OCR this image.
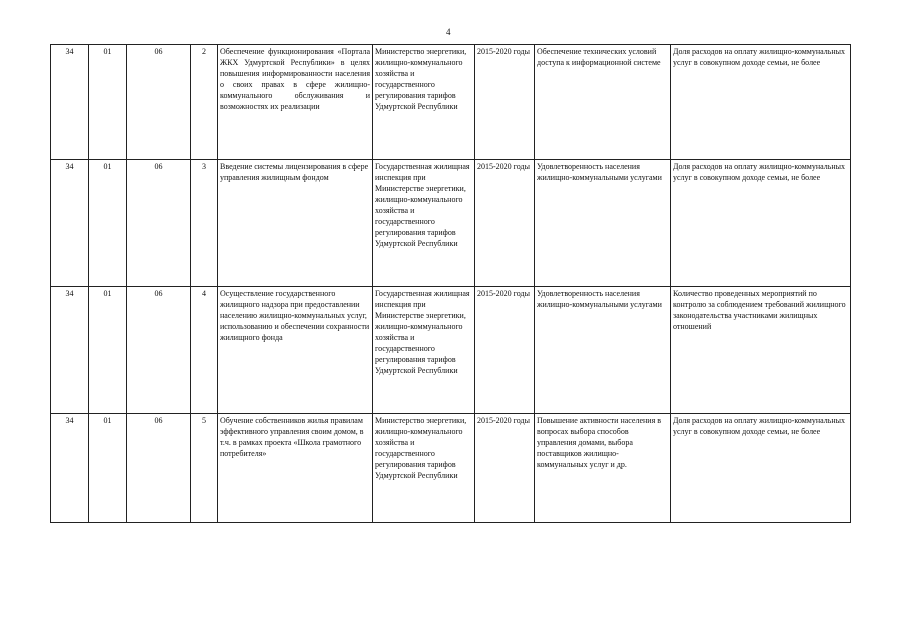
4
34	01	06	2	Обеспечение функционирования «Портала ЖКХ Удмуртской Республики» в целях повышения информированности населения о своих правах в сфере жилищно-коммунального обслуживания и возможностях их реализации	Министерство энергетики, жилищно-коммунального хозяйства и государственного регулирования тарифов Удмуртской Республики	2015-2020 годы	Обеспечение технических условий доступа к информационной системе	Доля расходов на оплату жилищно-коммунальных услуг в совокупном доходе семьи, не более
34	01	06	3	Введение системы лицензирования в сфере управления жилищным фондом	Государственная жилищная инспекция при Министерстве энергетики, жилищно-коммунального хозяйства и государственного регулирования тарифов Удмуртской Республики	2015-2020 годы	Удовлетворенность населения жилищно-коммунальными услугами	Доля расходов на оплату жилищно-коммунальных услуг в совокупном доходе семьи, не более
34	01	06	4	Осуществление государственного жилищного надзора при предоставлении населению жилищно-коммунальных услуг, использованию и обеспечении сохранности жилищного фонда	Государственная жилищная инспекция при Министерстве энергетики, жилищно-коммунального хозяйства и государственного регулирования тарифов Удмуртской Республики	2015-2020 годы	Удовлетворенность населения жилищно-коммунальными услугами	Количество проведенных мероприятий по контролю за соблюдением требований жилищного законодательства участниками жилищных отношений
34	01	06	5	Обучение собственников жилья правилам эффективного управления своим домом, в т.ч. в рамках проекта «Школа грамотного потребителя»	Министерство энергетики, жилищно-коммунального хозяйства и государственного регулирования тарифов Удмуртской Республики	2015-2020 годы	Повышение активности населения в вопросах выбора способов управления домами, выбора поставщиков жилищно-коммунальных услуг и др.	Доля расходов на оплату жилищно-коммунальных услуг в совокупном доходе семьи, не более
